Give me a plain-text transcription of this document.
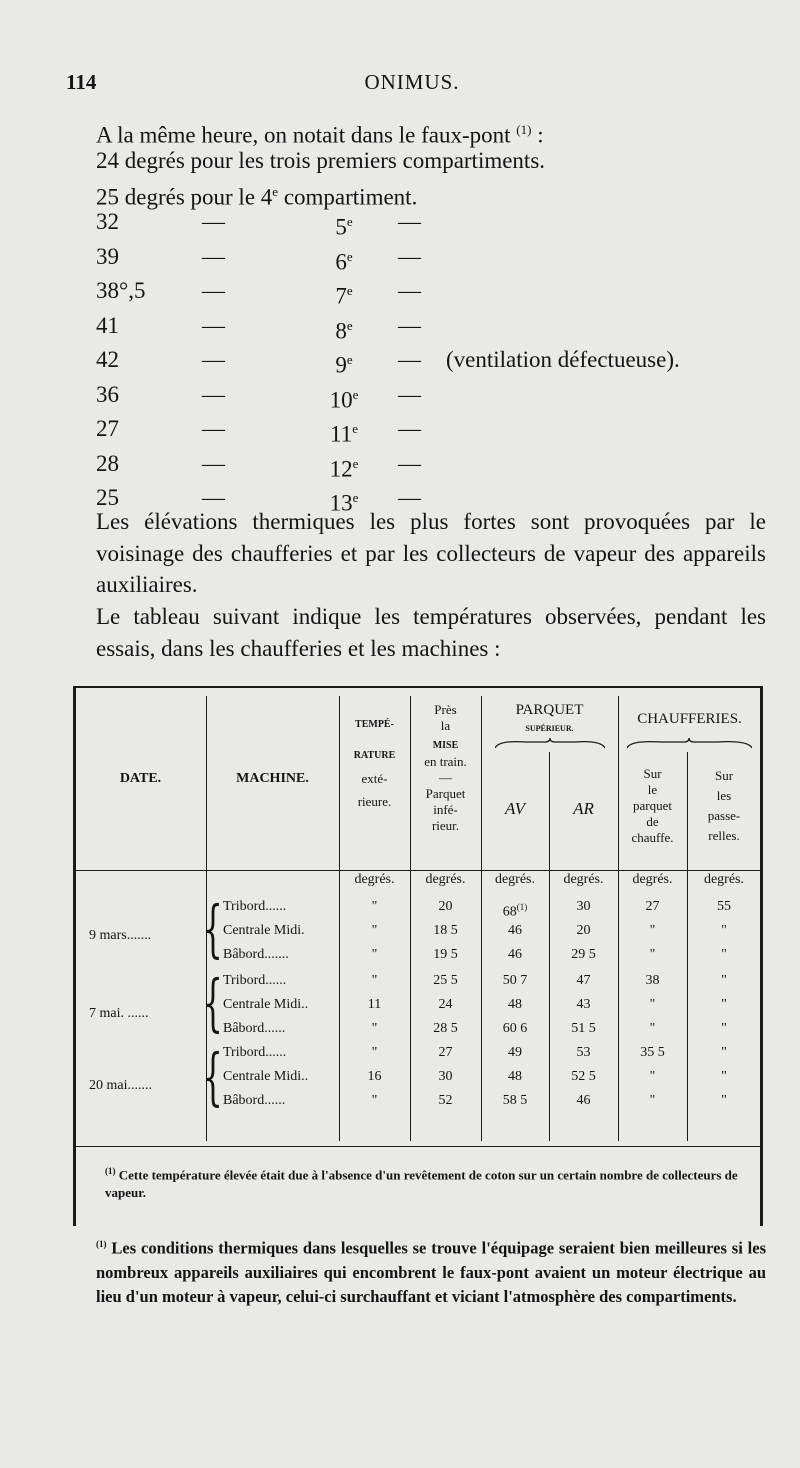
114	ONIMUS.
A la même heure, on notait dans le faux-pont $^{(1)}$ :
24 degrés pour les trois premiers compartiments.
25 degrés pour le 4e compartiment.
32	—	5e	—
39	—	6e	—
38°,5 —	7e	—
41	—	8e	—
42	—	9e	— (ventilation défectueuse).
36	—	10e	—
27	—	11e	—
28	—	12e	—
25	—	13e	—

Les élévations thermiques les plus fortes sont provoquées par le voisinage des chaufferies et par les collecteurs de vapeur des appareils auxiliaires.

Le tableau suivant indique les températures observées, pendant les essais, dans les chaufferies et les machines :

DATE.	MACHINE.
TEMPÉ-
RATURE
exté-
rieure.
Près
la
MISE
en train.
—
Parquet
infé-
rieur.
PARQUET
SUPÉRIEUR.
AV	AR
CHAUFFERIES.
Sur
le
parquet
de
chauffe.
Sur
les
passe-
relles.
degrés.	degrés.	degrés.	degrés.	degrés.	degrés.
9 mars.......
7 mai. ......
20 mai.......
{
{
{
Tribord......	"	20	68$^{(1)}$	30	27	55
Centrale Midi.	"	18 5	46	20	"	"
Bâbord.......	"	19 5	46	29 5	"	"
Tribord......	"	25 5	50 7	47	38	"
Centrale Midi..	11	24	48	43	"	"
Bâbord......	"	28 5	60 6	51 5	"	"
Tribord......	"	27	49	53	35 5	"
Centrale Midi..	16	30	48	52 5	"	"
Bâbord......	"	52	58 5	46	"	"
$^{(1)}$ Cette température élevée était due à l'absence d'un revêtement de coton sur un certain nombre de collecteurs de vapeur.
$^{(1)}$ Les conditions thermiques dans lesquelles se trouve l'équipage seraient bien meilleures si les nombreux appareils auxiliaires qui encombrent le faux-pont avaient un moteur électrique au lieu d'un moteur à vapeur, celui-ci surchauffant et viciant l'atmosphère des compartiments.
